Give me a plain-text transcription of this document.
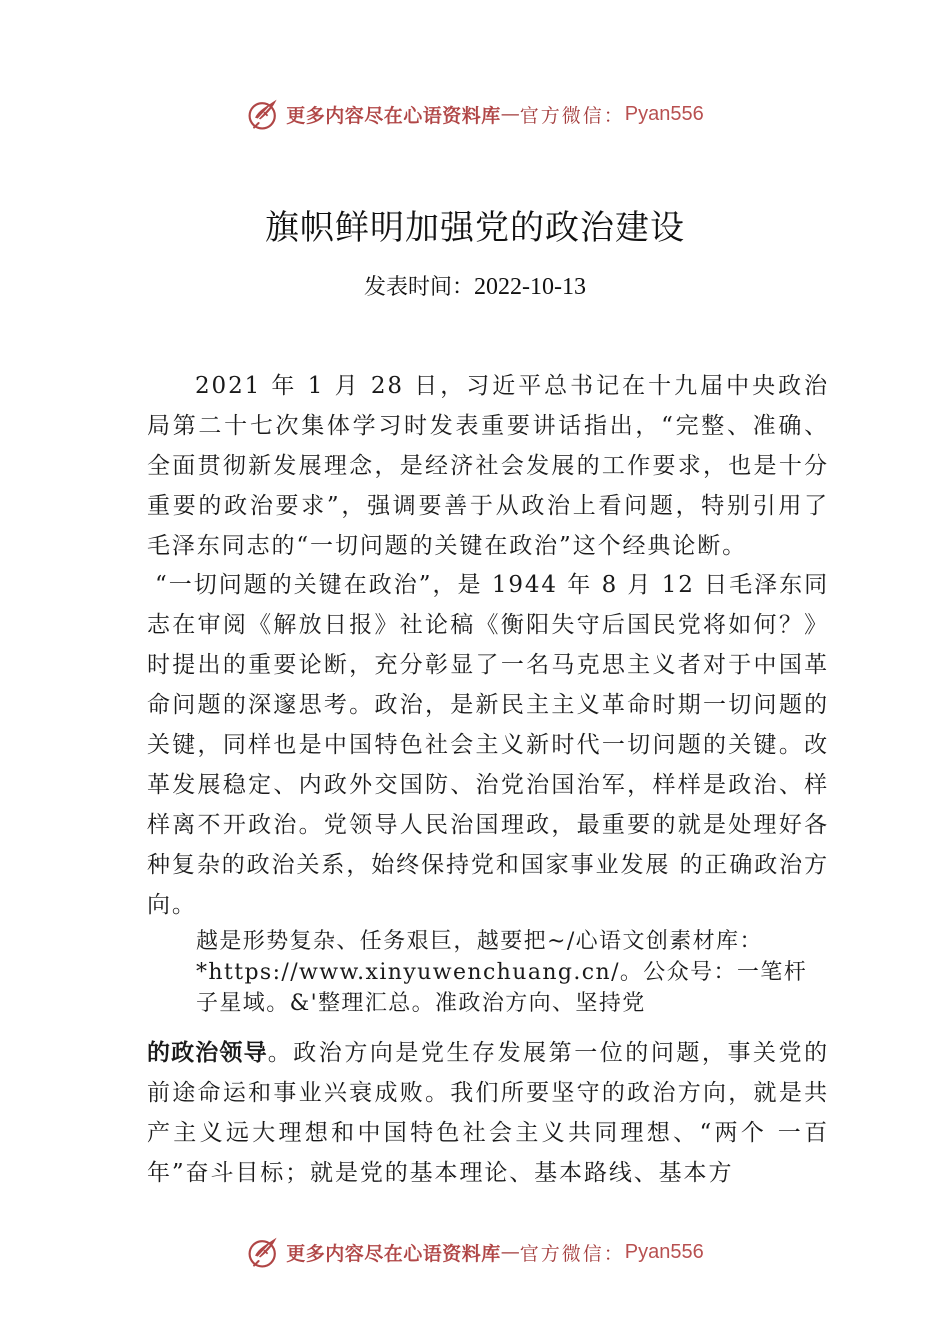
更多内容尽在心语资料库 — 官方微信： Pyan556
旗帜鲜明加强党的政治建设
发表时间：2022-10-13

2021 年 1 月 28 日，习近平总书记在十九届中央政治局第二十七次集体学习时发表重要讲话指出，“完整、准确、全面贯彻新发展理念，是经济社会发展的工作要求，也是十分重要的政治要求”，强调要善于从政治上看问题，特别引用了毛泽东同志的“一切问题的关键在政治”这个经典论断。

“一切问题的关键在政治”，是 1944 年 8 月 12 日毛泽东同志在审阅《解放日报》社论稿《衡阳失守后国民党将如何？》时提出的重要论断，充分彰显了一名马克思主义者对于中国革命问题的深邃思考。政治，是新民主主义革命时期一切问题的关键，同样也是中国特色社会主义新时代一切问题的关键。改革发展稳定、内政外交国防、治党治国治军，样样是政治、样样离不开政治。党领导人民治国理政，最重要的就是处理好各种复杂的政治关系，始终保持党和国家事业发展 的正确政治方向。

越是形势复杂、任务艰巨，越要把~/心语文创素材库：*https://www.xinyuwenchuang.cn/。公众号：一笔杆子星域。&'整理汇总。准政治方向、坚持党

的政治领导。政治方向是党生存发展第一位的问题，事关党的前途命运和事业兴衰成败。我们所要坚守的政治方向，就是共产主义远大理想和中国特色社会主义共同理想、“两个 一百年”奋斗目标；就是党的基本理论、基本路线、基本方

更多内容尽在心语资料库 — 官方微信： Pyan556
